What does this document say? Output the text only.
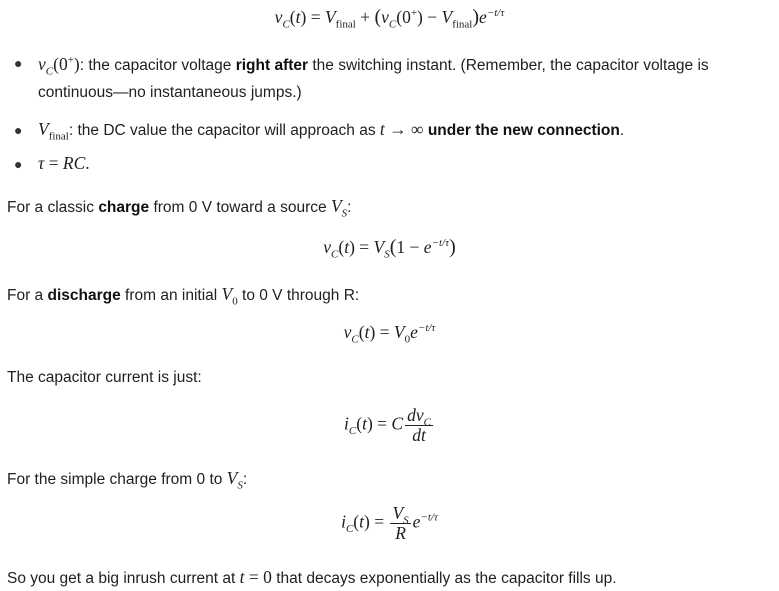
$v_C(t) = V_{final} + (v_C(0^+) - V_{final})e^{-t/\tau}$
● $v_C(0^+)$: the capacitor voltage right after the switching instant. (Remember, the capacitor voltage is
continuous—no instantaneous jumps.)
● $V_{final}$: the DC value the capacitor will approach as t → ∞ under the new connection.
● τ = RC.
For a classic charge from 0 V toward a source $V_S$:
$v_C(t) = V_S(1 - e^{-t/\tau})$
For a discharge from an initial $V_0$ to 0 V through R:
$v_C(t) = V_0e^{-t/\tau}$
The capacitor current is just:
$i_C(t) = C \frac{dv_C}{dt}$
For the simple charge from 0 to $V_S$:
$i_C(t) = \frac{V_S}{R} e^{-t/\tau}$
So you get a big inrush current at t = 0 that decays exponentially as the capacitor fills up.
